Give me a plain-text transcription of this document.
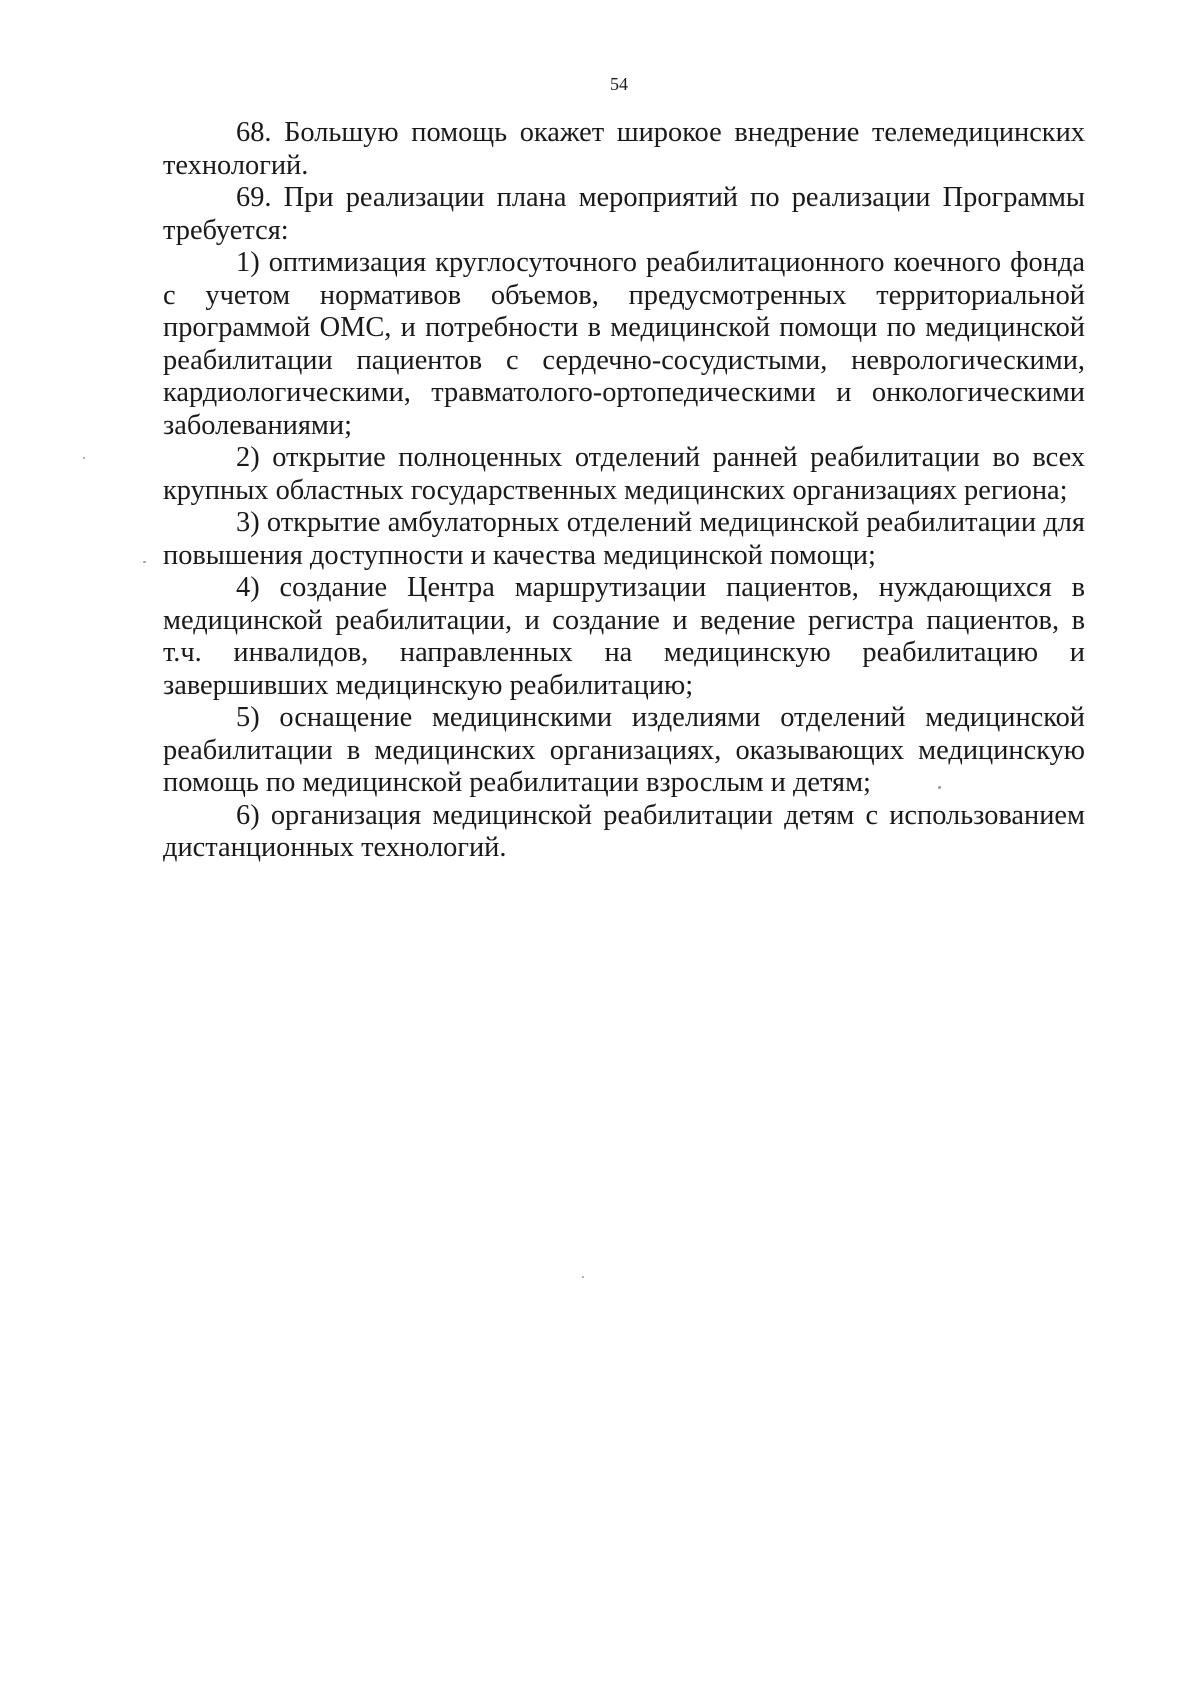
54

68. Большую помощь окажет широкое внедрение телемедицинских технологий.

69. При реализации плана мероприятий по реализации Программы требуется:

1) оптимизация круглосуточного реабилитационного коечного фонда с учетом нормативов объемов, предусмотренных территориальной программой ОМС, и потребности в медицинской помощи по медицинской реабилитации пациентов с сердечно-сосудистыми, неврологическими, кардиологическими, травматолого-ортопедическими и онкологическими заболеваниями;

2) открытие полноценных отделений ранней реабилитации во всех крупных областных государственных медицинских организациях региона;

3) открытие амбулаторных отделений медицинской реабилитации для повышения доступности и качества медицинской помощи;

4) создание Центра маршрутизации пациентов, нуждающихся в медицинской реабилитации, и создание и ведение регистра пациентов, в т.ч. инвалидов, направленных на медицинскую реабилитацию и завершивших медицинскую реабилитацию;

5) оснащение медицинскими изделиями отделений медицинской реабилитации в медицинских организациях, оказывающих медицинскую помощь по медицинской реабилитации взрослым и детям;

6) организация медицинской реабилитации детям с использованием дистанционных технологий.
